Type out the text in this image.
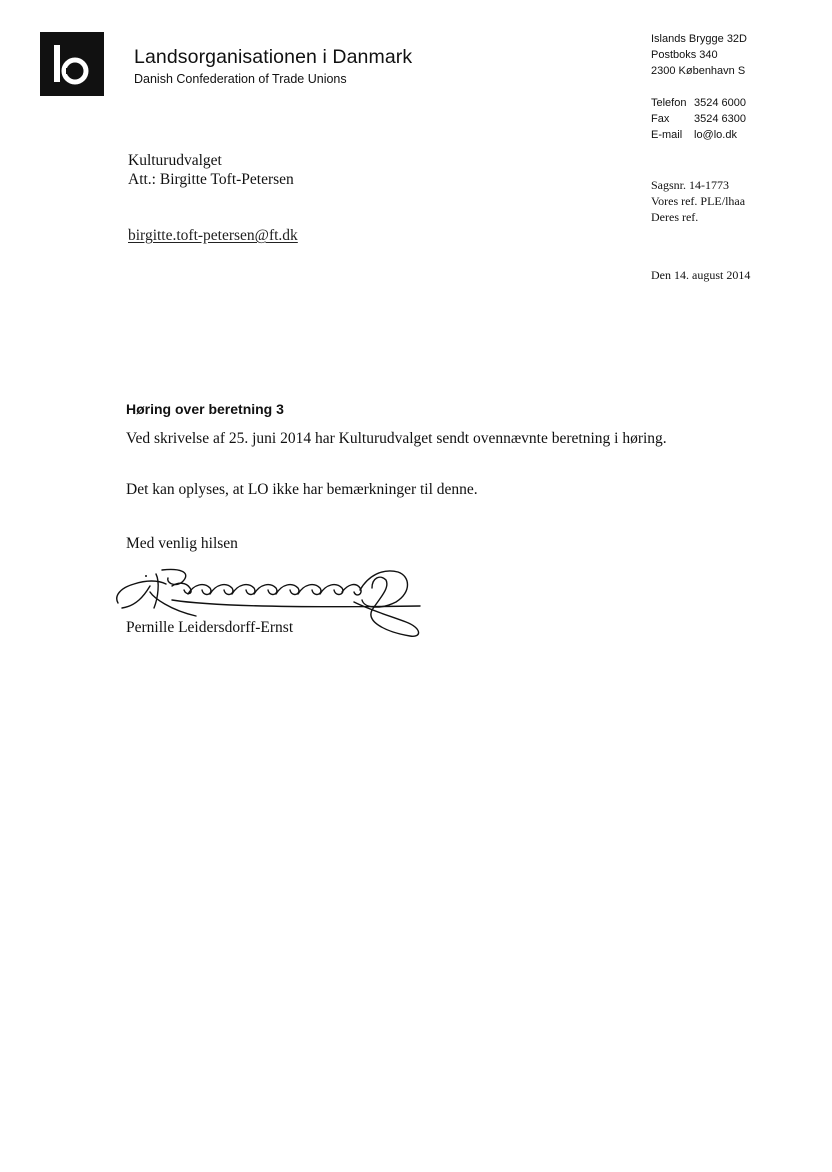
Landsorganisationen i Danmark
Danish Confederation of Trade Unions
Islands Brygge 32D
Postboks 340
2300 København S
Telefon 3524 6000
Fax	3524 6300
E-mail	lo@lo.dk
Kulturudvalget
Att.: Birgitte Toft-Petersen
birgitte.toft-petersen@ft.dk
Sagsnr. 14-1773
Vores ref. PLE/lhaa
Deres ref.
Den 14. august 2014
Høring over beretning 3
Ved skrivelse af 25. juni 2014 har Kulturudvalget sendt ovennævnte beretning i høring.
Det kan oplyses, at LO ikke har bemærkninger til denne.
Med venlig hilsen
Pernille Leidersdorff-Ernst
